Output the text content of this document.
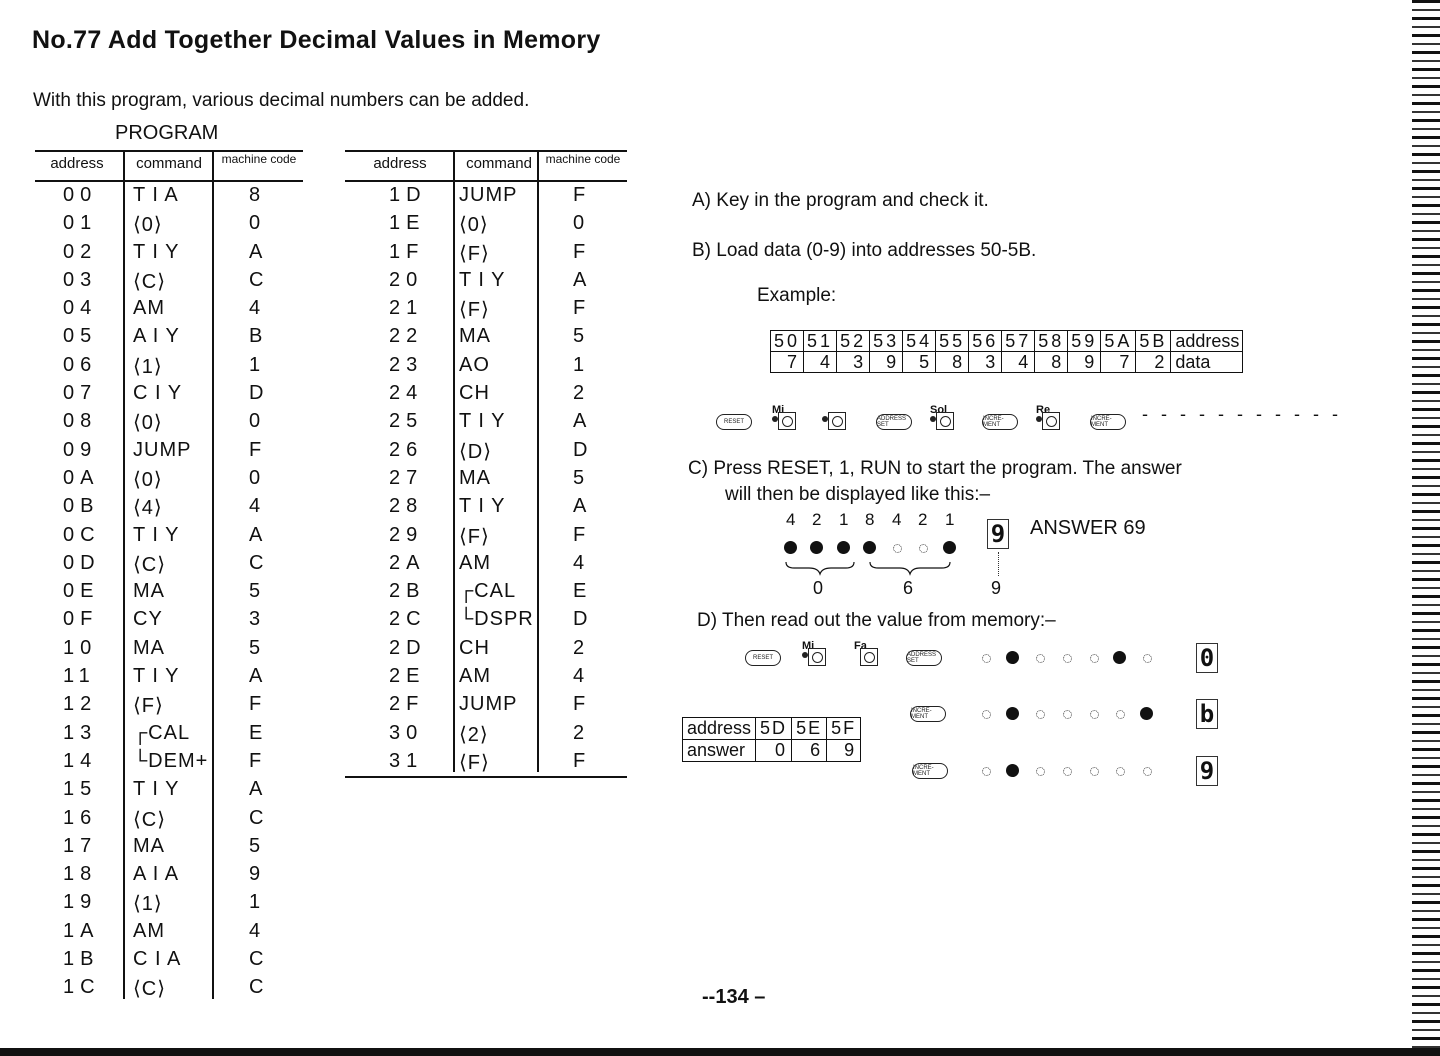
No.77 Add Together Decimal Values in Memory
With this program, various decimal numbers can be added.
PROGRAM
address	command	machine code
00 T I A	8
01 ⟨0⟩	0
02 T I Y	A
03 ⟨C⟩	C
04 AM	4
05 A I Y	B
06 ⟨1⟩	1
07 C I Y	D
08 ⟨0⟩	0
09 JUMP	F
0A ⟨0⟩	0
0B ⟨4⟩	4
0C T I Y	A
0D ⟨C⟩	C
0E MA	5
0F CY	3
10 MA	5
11 T I Y	A
12 ⟨F⟩	F
13 ┌CAL	E
14 └DEM+ F
15 T I Y	A
16 ⟨C⟩	C
17 MA	5
18 A I A	9
19 ⟨1⟩	1
1A AM	4
1B C I A	C
1C ⟨C⟩	C
address	command	machine code
1D JUMP	F
1E ⟨0⟩	0
1F ⟨F⟩	F
20 T I Y	A
21 ⟨F⟩	F
22 MA	5
23 AO	1
24 CH	2
25 T I Y	A
26 ⟨D⟩	D
27 MA	5
28 T I Y	A
29 ⟨F⟩	F
2A AM	4
2B ┌CAL	E
2C └DSPR D
2D CH	2
2E AM	4
2F JUMP	F
30 ⟨2⟩	2
31 ⟨F⟩	F
A) Key in the program and check it.
B) Load data (0-9) into addresses 50-5B.
Example:
50	51	52	53	54	55	56	57	58	59	5A	5B	address
7	4	3	9	5	8	3	4	8	9	7	2	data
RESET
Mi
ADDRESS SET
Sol
INCRE-MENT
Re
INCRE-MENT
- - - - - - - - - - -
C) Press RESET, 1, RUN to start the program. The answer
will then be displayed like this:–
4 2 1 8 4 2 1
0	6	9
9 ANSWER 69
D) Then read out the value from memory:–
RESET
Mi	Fa
ADDRESS SET
INCRE-MENT
INCRE-MENT
0
b
9
address	5D	5E	5F
answer	0	6	9
--134 –
